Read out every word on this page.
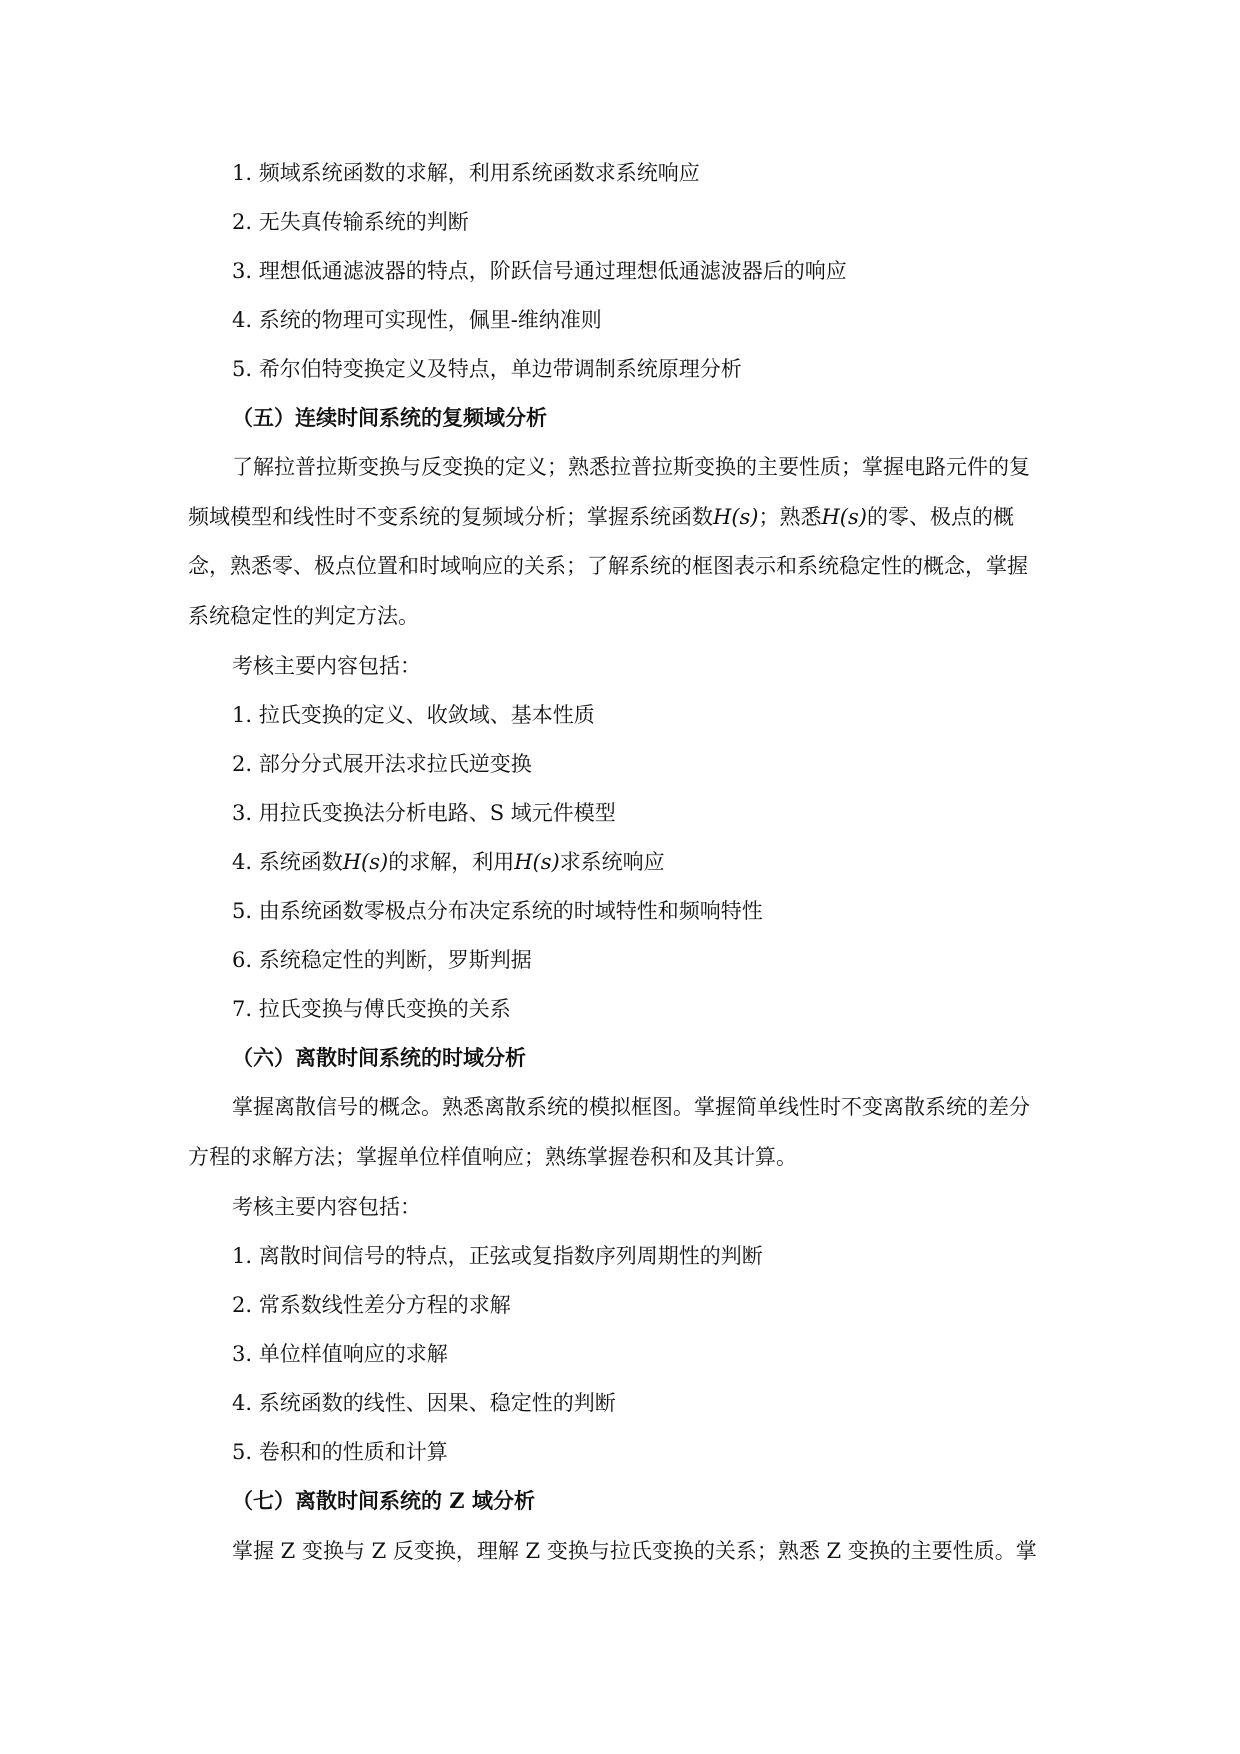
1. 频域系统函数的求解，利用系统函数求系统响应
2. 无失真传输系统的判断
3. 理想低通滤波器的特点，阶跃信号通过理想低通滤波器后的响应
4. 系统的物理可实现性，佩里-维纳准则
5. 希尔伯特变换定义及特点，单边带调制系统原理分析
（五）连续时间系统的复频域分析
了解拉普拉斯变换与反变换的定义；熟悉拉普拉斯变换的主要性质；掌握电路元件的复
频域模型和线性时不变系统的复频域分析；掌握系统函数H(s)；熟悉H(s)的零、极点的概
念，熟悉零、极点位置和时域响应的关系；了解系统的框图表示和系统稳定性的概念，掌握
系统稳定性的判定方法。
考核主要内容包括：
1. 拉氏变换的定义、收敛域、基本性质
2. 部分分式展开法求拉氏逆变换
3. 用拉氏变换法分析电路、S 域元件模型
4. 系统函数H(s)的求解，利用H(s)求系统响应
5. 由系统函数零极点分布决定系统的时域特性和频响特性
6. 系统稳定性的判断，罗斯判据
7. 拉氏变换与傅氏变换的关系
（六）离散时间系统的时域分析
掌握离散信号的概念。熟悉离散系统的模拟框图。掌握简单线性时不变离散系统的差分
方程的求解方法；掌握单位样值响应；熟练掌握卷积和及其计算。
考核主要内容包括：
1. 离散时间信号的特点，正弦或复指数序列周期性的判断
2. 常系数线性差分方程的求解
3. 单位样值响应的求解
4. 系统函数的线性、因果、稳定性的判断
5. 卷积和的性质和计算
（七）离散时间系统的 Z 域分析
掌握 Z 变换与 Z 反变换，理解 Z 变换与拉氏变换的关系；熟悉 Z 变换的主要性质。掌
